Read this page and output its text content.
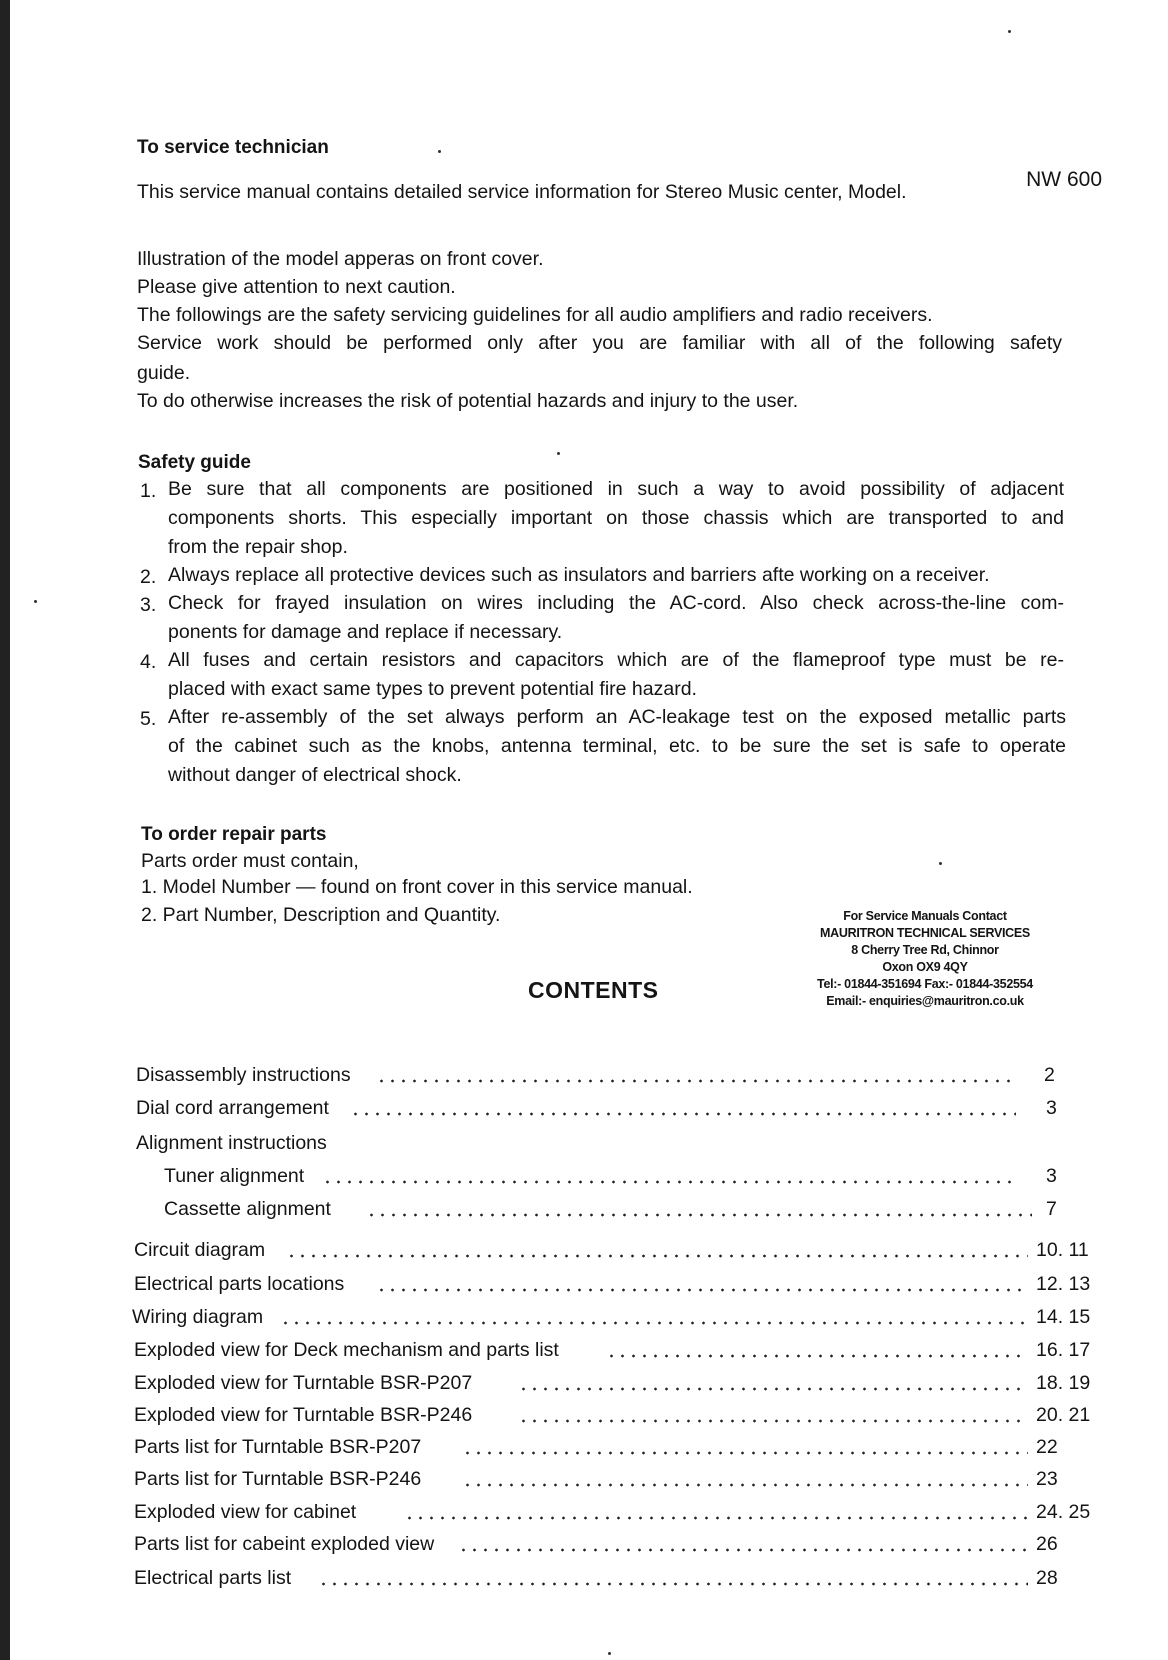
To service technician
This service manual contains detailed service information for Stereo Music center, Model.
NW 600
Illustration of the model apperas on front cover.
Please give attention to next caution.
The followings are the safety servicing guidelines for all audio amplifiers and radio receivers.
Service work should be performed only after you are familiar with all of the following safety
guide.
To do otherwise increases the risk of potential hazards and injury to the user.
Safety guide
1. Be sure that all components are positioned in such a way to avoid possibility of adjacent
components shorts. This especially important on those chassis which are transported to and
from the repair shop.
2. Always replace all protective devices such as insulators and barriers afte working on a receiver.
3. Check for frayed insulation on wires including the AC-cord. Also check across-the-line com-
ponents for damage and replace if necessary.
4. All fuses and certain resistors and capacitors which are of the flameproof type must be re-
placed with exact same types to prevent potential fire hazard.
5. After re-assembly of the set always perform an AC-leakage test on the exposed metallic parts
of the cabinet such as the knobs, antenna terminal, etc. to be sure the set is safe to operate
without danger of electrical shock.
To order repair parts
Parts order must contain,
1. Model Number — found on front cover in this service manual.
2. Part Number, Description and Quantity.	For Service Manuals Contact
MAURITRON TECHNICAL SERVICES
8 Cherry Tree Rd, Chinnor
Oxon OX9 4QY
Tel:- 01844-351694 Fax:- 01844-352554
Email:- enquiries@mauritron.co.uk
CONTENTS
Disassembly instructions	2
Dial cord arrangement	3
Alignment instructions
Tuner alignment	3
Cassette alignment	7
Circuit diagram	10. 11
Electrical parts locations	12. 13
Wiring diagram	14. 15
Exploded view for Deck mechanism and parts list	16. 17
Exploded view for Turntable BSR-P207	18. 19
Exploded view for Turntable BSR-P246	20. 21
Parts list for Turntable BSR-P207	22
Parts list for Turntable BSR-P246	23
Exploded view for cabinet	24. 25
Parts list for cabeint exploded view	26
Electrical parts list	28
